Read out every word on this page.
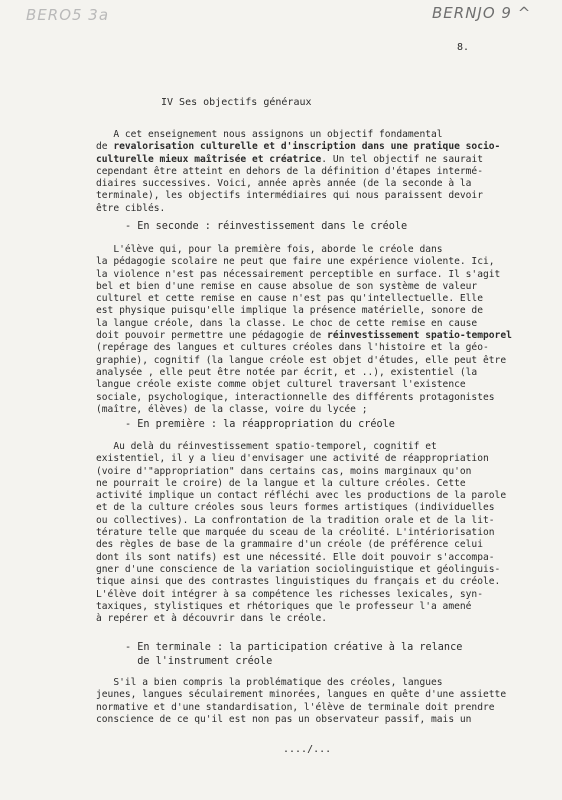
BERO5 3a	BERNJO 9 ^
8.
IV Ses objectifs généraux
A cet enseignement nous assignons un objectif fondamental
de revalorisation culturelle et d'inscription dans une pratique socio-
culturelle mieux maîtrisée et créatrice. Un tel objectif ne saurait
cependant être atteint en dehors de la définition d'étapes intermé-
diaires successives. Voici, année après année (de la seconde à la
terminale), les objectifs intermédiaires qui nous paraissent devoir
être ciblés.
- En seconde : réinvestissement dans le créole
L'élève qui, pour la première fois, aborde le créole dans
la pédagogie scolaire ne peut que faire une expérience violente. Ici,
la violence n'est pas nécessairement perceptible en surface. Il s'agit
bel et bien d'une remise en cause absolue de son système de valeur
culturel et cette remise en cause n'est pas qu'intellectuelle. Elle
est physique puisqu'elle implique la présence matérielle, sonore de
la langue créole, dans la classe. Le choc de cette remise en cause
doit pouvoir permettre une pédagogie de réinvestissement spatio-temporel
(repérage des langues et cultures créoles dans l'histoire et la géo-
graphie), cognitif (la langue créole est objet d'études, elle peut être
analysée , elle peut être notée par écrit, et ..), existentiel (la
langue créole existe comme objet culturel traversant l'existence
sociale, psychologique, interactionnelle des différents protagonistes
(maître, élèves) de la classe, voire du lycée ;
- En première : la réappropriation du créole
Au delà du réinvestissement spatio-temporel, cognitif et
existentiel, il y a lieu d'envisager une activité de réappropriation
(voire d'"appropriation" dans certains cas, moins marginaux qu'on
ne pourrait le croire) de la langue et la culture créoles. Cette
activité implique un contact réfléchi avec les productions de la parole
et de la culture créoles sous leurs formes artistiques (individuelles
ou collectives). La confrontation de la tradition orale et de la lit-
térature telle que marquée du sceau de la créolité. L'intériorisation
des règles de base de la grammaire d'un créole (de préférence celui
dont ils sont natifs) est une nécessité. Elle doit pouvoir s'accompa-
gner d'une conscience de la variation sociolinguistique et géolinguis-
tique ainsi que des contrastes linguistiques du français et du créole.
L'élève doit intégrer à sa compétence les richesses lexicales, syn-
taxiques, stylistiques et rhétoriques que le professeur l'a amené
à repérer et à découvrir dans le créole.
- En terminale : la participation créative à la relance
de l'instrument créole
S'il a bien compris la problématique des créoles, langues
jeunes, langues séculairement minorées, langues en quête d'une assiette
normative et d'une standardisation, l'élève de terminale doit prendre
conscience de ce qu'il est non pas un observateur passif, mais un
..../...
